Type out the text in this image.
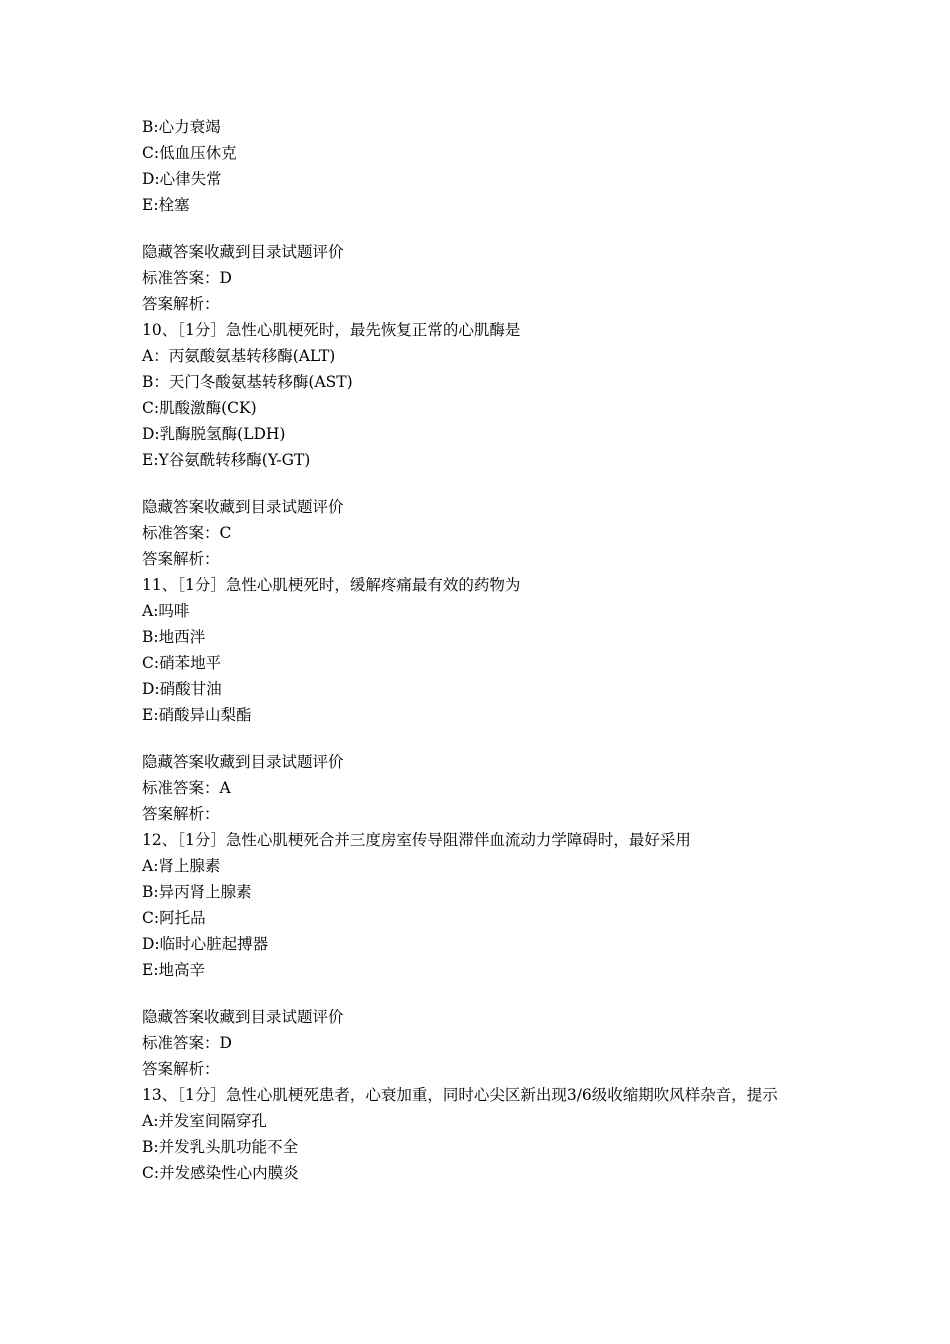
B:心力衰竭
C:低血压休克
D:心律失常
E:栓塞
隐藏答案收藏到目录试题评价
标准答案：D
答案解析：
10、［1分］急性心肌梗死时，最先恢复正常的心肌酶是
A：丙氨酸氨基转移酶(ALT)
B：天门冬酸氨基转移酶(AST)
C:肌酸激酶(CK)
D:乳酶脱氢酶(LDH)
E:Y谷氨酰转移酶(Y-GT)
隐藏答案收藏到目录试题评价
标准答案：C
答案解析：
11、［1分］急性心肌梗死时，缓解疼痛最有效的药物为
A:吗啡
B:地西泮
C:硝苯地平
D:硝酸甘油
E:硝酸异山梨酯
隐藏答案收藏到目录试题评价
标准答案：A
答案解析：
12、［1分］急性心肌梗死合并三度房室传导阻滞伴血流动力学障碍时，最好采用
A:肾上腺素
B:异丙肾上腺素
C:阿托品
D:临时心脏起搏器
E:地高辛
隐藏答案收藏到目录试题评价
标准答案：D
答案解析：
13、［1分］急性心肌梗死患者，心衰加重，同时心尖区新出现3/6级收缩期吹风样杂音，提示
A:并发室间隔穿孔
B:并发乳头肌功能不全
C:并发感染性心内膜炎
